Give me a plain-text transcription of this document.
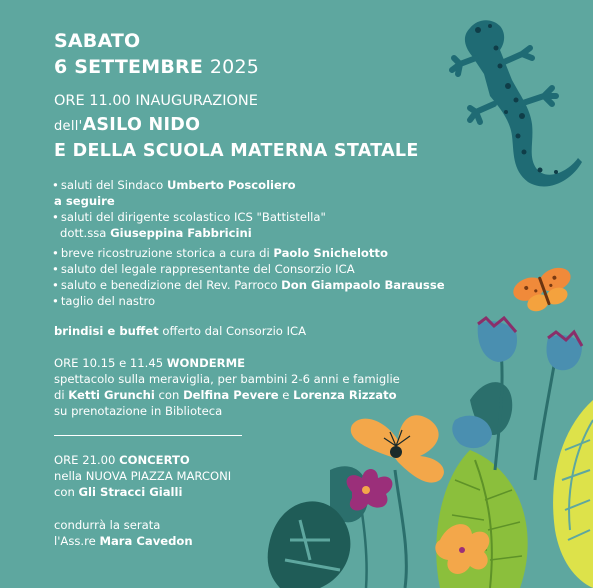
SABATO
6 SETTEMBRE 2025
ORE 11.00 INAUGURAZIONE
dell'ASILO NIDO
E DELLA SCUOLA MATERNA STATALE
• saluti del Sindaco Umberto Poscoliero
a seguire
• saluti del dirigente scolastico ICS "Battistella"
dott.ssa Giuseppina Fabbricini
• breve ricostruzione storica a cura di Paolo Snichelotto
• saluto del legale rappresentante del Consorzio ICA
• saluto e benedizione del Rev. Parroco Don Giampaolo Barausse
• taglio del nastro
brindisi e buffet offerto dal Consorzio ICA
ORE 10.15 e 11.45 WONDERME
spettacolo sulla meraviglia, per bambini 2-6 anni e famiglie
di Ketti Grunchi con Delfina Pevere e Lorenza Rizzato
su prenotazione in Biblioteca
ORE 21.00 CONCERTO
nella NUOVA PIAZZA MARCONI
con Gli Stracci Gialli
condurrà la serata
l'Ass.re Mara Cavedon
